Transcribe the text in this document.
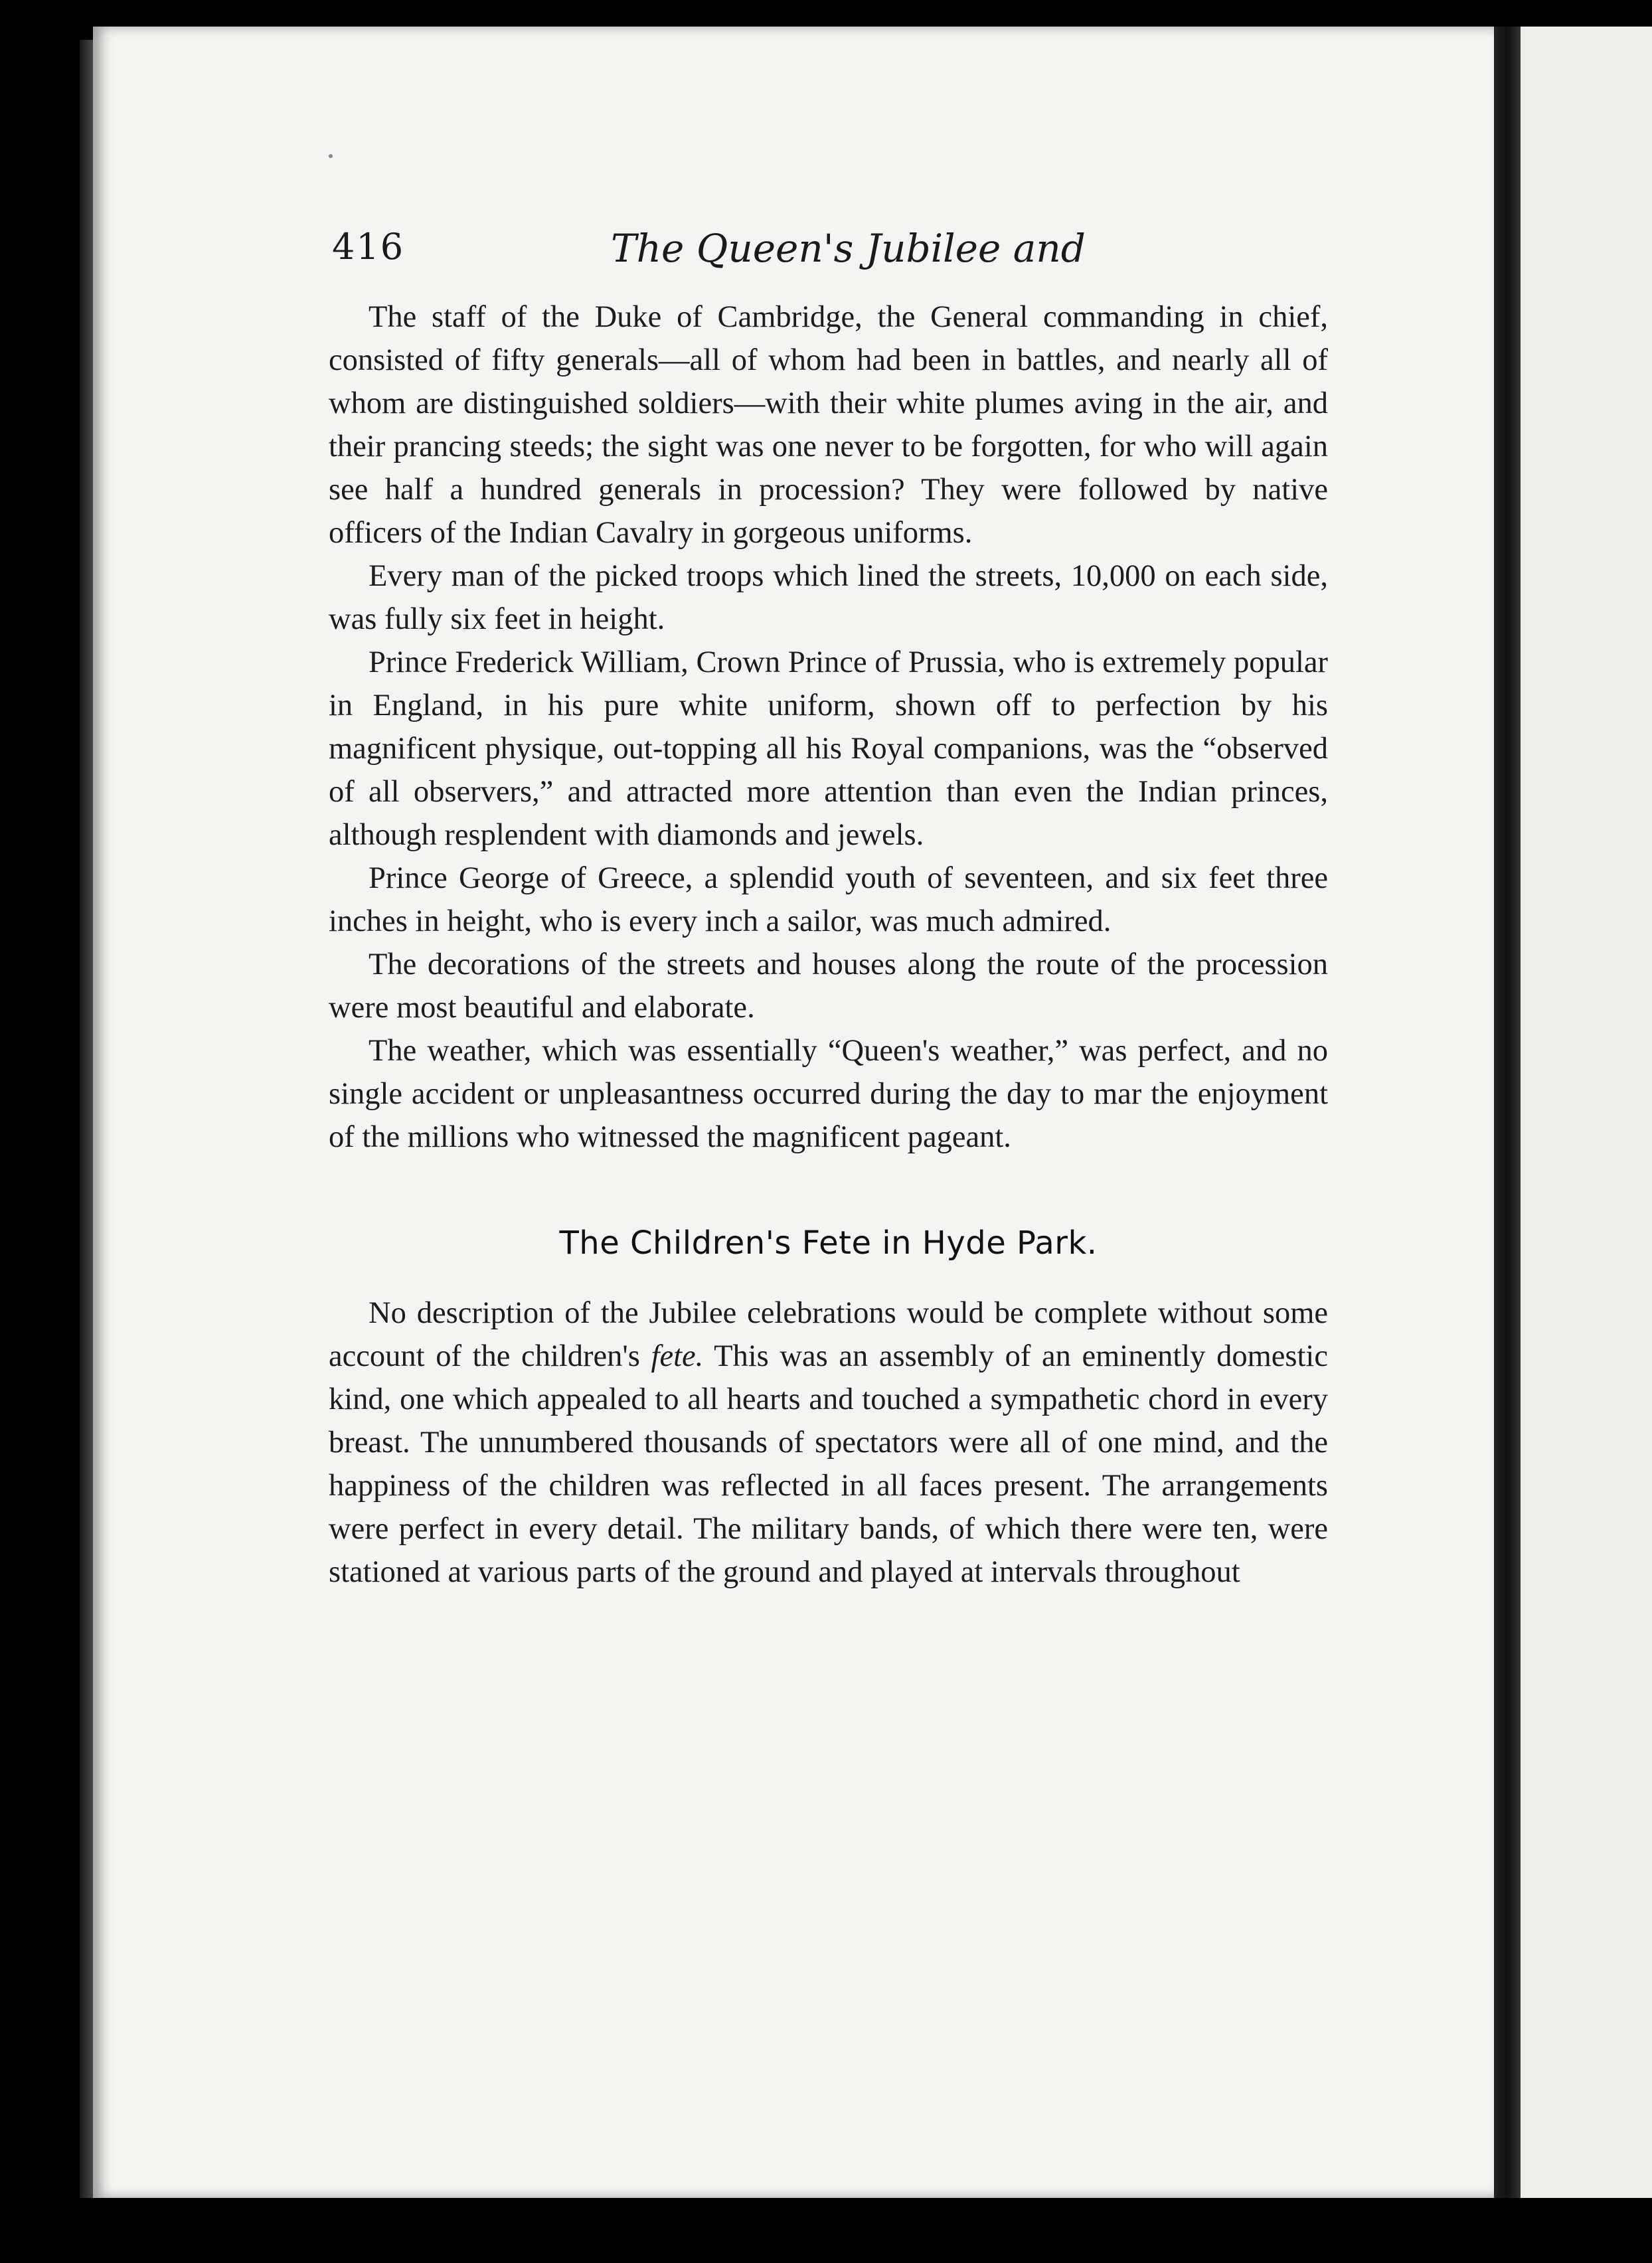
416	The Queen's Jubilee and

The staff of the Duke of Cambridge, the General commanding in chief, consisted of fifty generals—all of whom had been in battles, and nearly all of whom are distinguished soldiers—with their white plumes aving in the air, and their prancing steeds; the sight was one never to be forgotten, for who will again see half a hundred generals in procession? They were followed by native officers of the Indian Cavalry in gorgeous uniforms.

Every man of the picked troops which lined the streets, 10,000 on each side, was fully six feet in height.

Prince Frederick William, Crown Prince of Prussia, who is extremely popular in England, in his pure white uniform, shown off to perfection by his magnificent physique, out-topping all his Royal companions, was the “observed of all observers,” and attracted more attention than even the Indian princes, although resplendent with diamonds and jewels.

Prince George of Greece, a splendid youth of seventeen, and six feet three inches in height, who is every inch a sailor, was much admired.

The decorations of the streets and houses along the route of the procession were most beautiful and elaborate.

The weather, which was essentially “Queen's weather,” was perfect, and no single accident or unpleasantness occurred during the day to mar the enjoyment of the millions who witnessed the magnificent pageant.

The Children's Fete in Hyde Park.

No description of the Jubilee celebrations would be complete without some account of the children's fete. This was an assembly of an eminently domestic kind, one which appealed to all hearts and touched a sympathetic chord in every breast. The unnumbered thousands of spectators were all of one mind, and the happiness of the children was reflected in all faces present. The arrangements were perfect in every detail. The military bands, of which there were ten, were stationed at various parts of the ground and played at intervals throughout
